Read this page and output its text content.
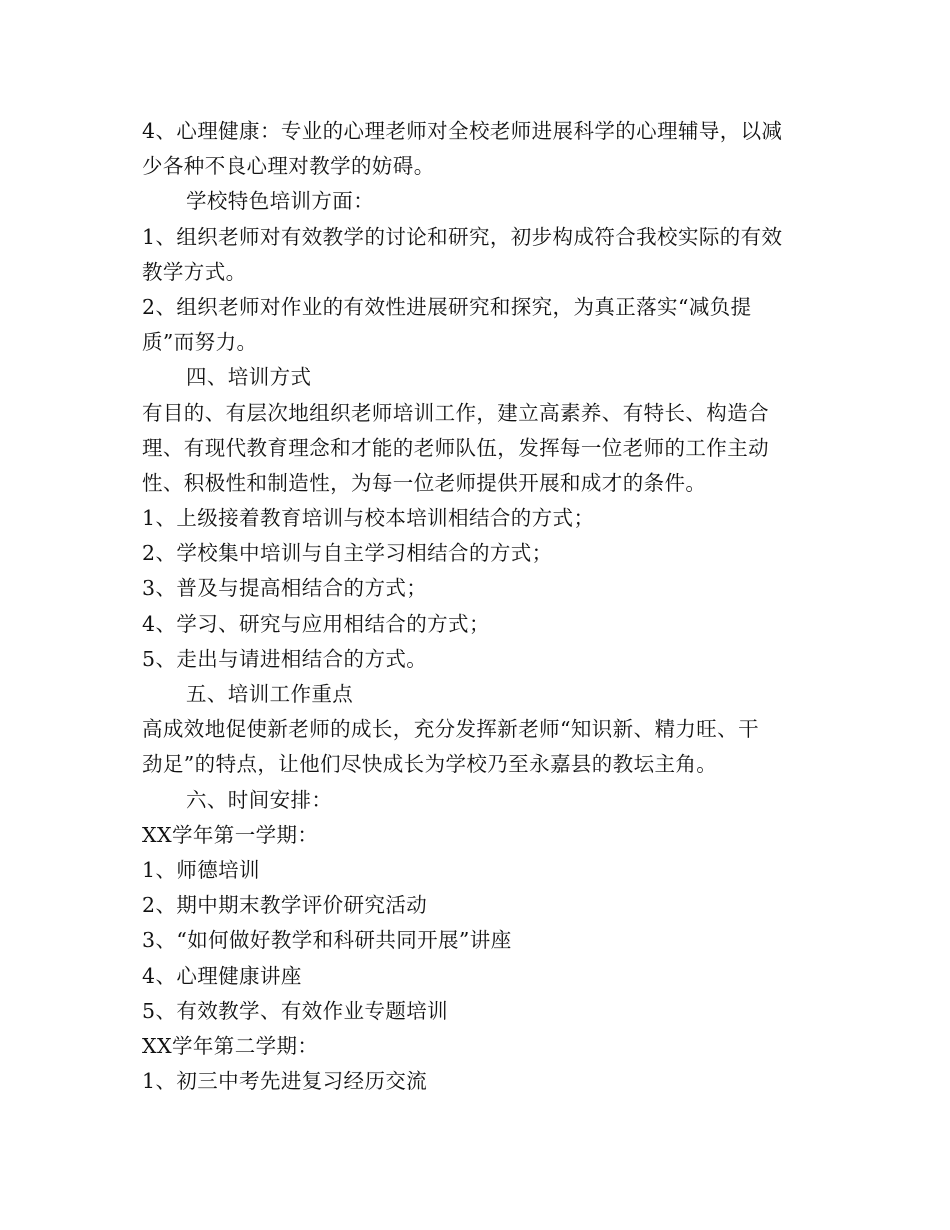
4、心理健康：专业的心理老师对全校老师进展科学的心理辅导，以减
少各种不良心理对教学的妨碍。
学校特色培训方面：
1、组织老师对有效教学的讨论和研究，初步构成符合我校实际的有效
教学方式。
2、组织老师对作业的有效性进展研究和探究，为真正落实“减负提
质”而努力。
四、培训方式
有目的、有层次地组织老师培训工作，建立高素养、有特长、构造合
理、有现代教育理念和才能的老师队伍，发挥每一位老师的工作主动
性、积极性和制造性，为每一位老师提供开展和成才的条件。
1、上级接着教育培训与校本培训相结合的方式；
2、学校集中培训与自主学习相结合的方式；
3、普及与提高相结合的方式；
4、学习、研究与应用相结合的方式；
5、走出与请进相结合的方式。
五、培训工作重点
高成效地促使新老师的成长，充分发挥新老师“知识新、精力旺、干
劲足”的特点，让他们尽快成长为学校乃至永嘉县的教坛主角。
六、时间安排：
XX学年第一学期：
1、师德培训
2、期中期末教学评价研究活动
3、“如何做好教学和科研共同开展”讲座
4、心理健康讲座
5、有效教学、有效作业专题培训
XX学年第二学期：
1、初三中考先进复习经历交流
